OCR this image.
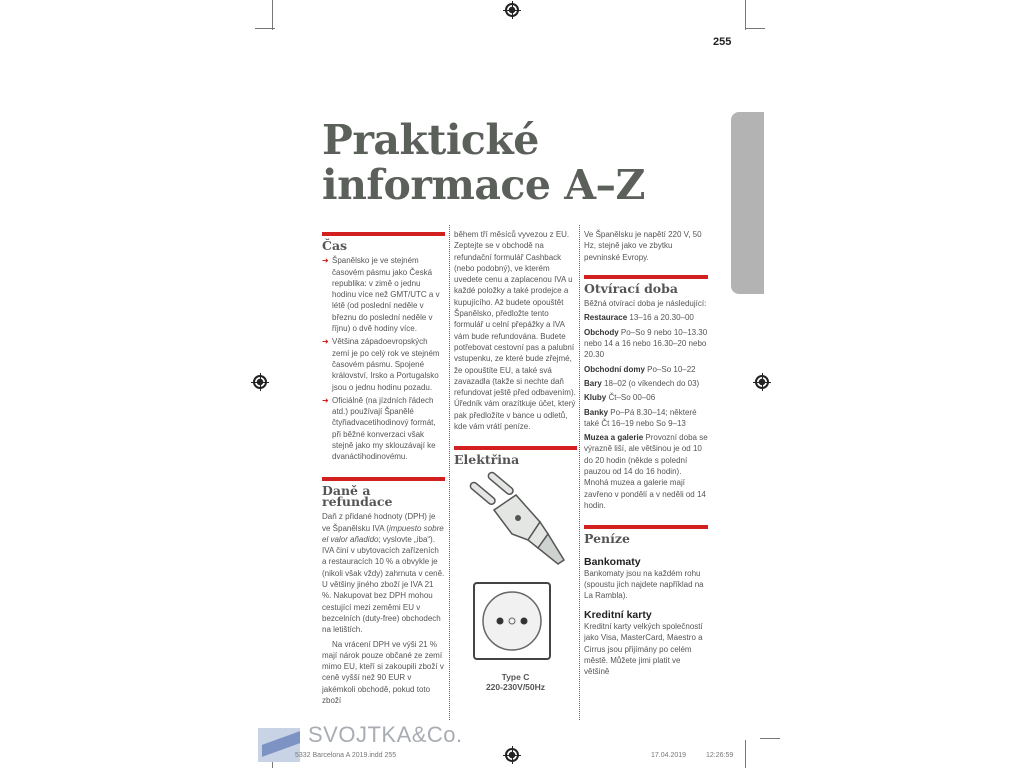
255
Praktické
informace A–Z
Čas
➜ Španělsko je ve stejném časovém pásmu jako Česká republika: v zimě o jednu hodinu více než GMT/UTC a v létě (od poslední neděle v březnu do poslední neděle v říjnu) o dvě hodiny více.
➜ Většina západoevropských zemí je po celý rok ve stejném časovém pásmu. Spojené království, Irsko a Portugalsko jsou o jednu hodinu pozadu.
➜ Oficiálně (na jízdních řádech atd.) používají Španělé čtyřiadvacetihodinový formát, při běžné konverzaci však stejně jako my sklouzávají ke dvanáctihodinovému.
Daně a refundace

Daň z přidané hodnoty (DPH) je ve Španělsku IVA (impuesto sobre el valor añadido; vyslovte „iba“). IVA činí v ubytovacích zařízeních a restauracích 10 % a obvykle je (nikoli však vždy) zahrnuta v ceně. U většiny jiného zboží je IVA 21 %. Nakupovat bez DPH mohou cestující mezi zeměmi EU v bezcelních (duty-free) obchodech na letištích.

Na vrácení DPH ve výši 21 % mají nárok pouze občané ze zemí mimo EU, kteří si zakoupili zboží v ceně vyšší než 90 EUR v jakémkoli obchodě, pokud toto zboží

během tří měsíců vyvezou z EU. Zeptejte se v obchodě na refundační formulář Cashback (nebo podobný), ve kterém uvedete cenu a zaplacenou IVA u každé položky a také prodejce a kupujícího. Až budete opouštět Španělsko, předložte tento formulář u celní přepážky a IVA vám bude refundována. Budete potřebovat cestovní pas a palubní vstupenku, ze které bude zřejmé, že opouštíte EU, a také svá zavazadla (takže si nechte daň refundovat ještě před odbavením). Úředník vám orazítkuje účet, který pak předložíte v bance u odletů, kde vám vrátí peníze.

Elektřina

Type C
220-230V/50Hz

Ve Španělsku je napětí 220 V, 50 Hz, stejně jako ve zbytku pevninské Evropy.

Otvírací doba

Běžná otvírací doba je následující:

Restaurace 13–16 a 20.30–00

Obchody Po–So 9 nebo 10–13.30 nebo 14 a 16 nebo 16.30–20 nebo 20.30

Obchodní domy Po–So 10–22

Bary 18–02 (o víkendech do 03)

Kluby Čt–So 00–06

Banky Po–Pá 8.30–14; některé také Čt 16–19 nebo So 9–13

Muzea a galerie Provozní doba se výrazně liší, ale většinou je od 10 do 20 hodin (někde s polední pauzou od 14 do 16 hodin). Mnohá muzea a galerie mají zavřeno v pondělí a v neděli od 14 hodin.

Peníze
Bankomaty

Bankomaty jsou na každém rohu (spoustu jich najdete například na La Rambla).

Kreditní karty

Kreditní karty velkých společností jako Visa, MasterCard, Maestro a Cirrus jsou přijímány po celém městě. Můžete jimi platit ve většině

SVOJTKA&Co.
5332 Barcelona A 2019.indd 255	17.04.2019	12:26:59
